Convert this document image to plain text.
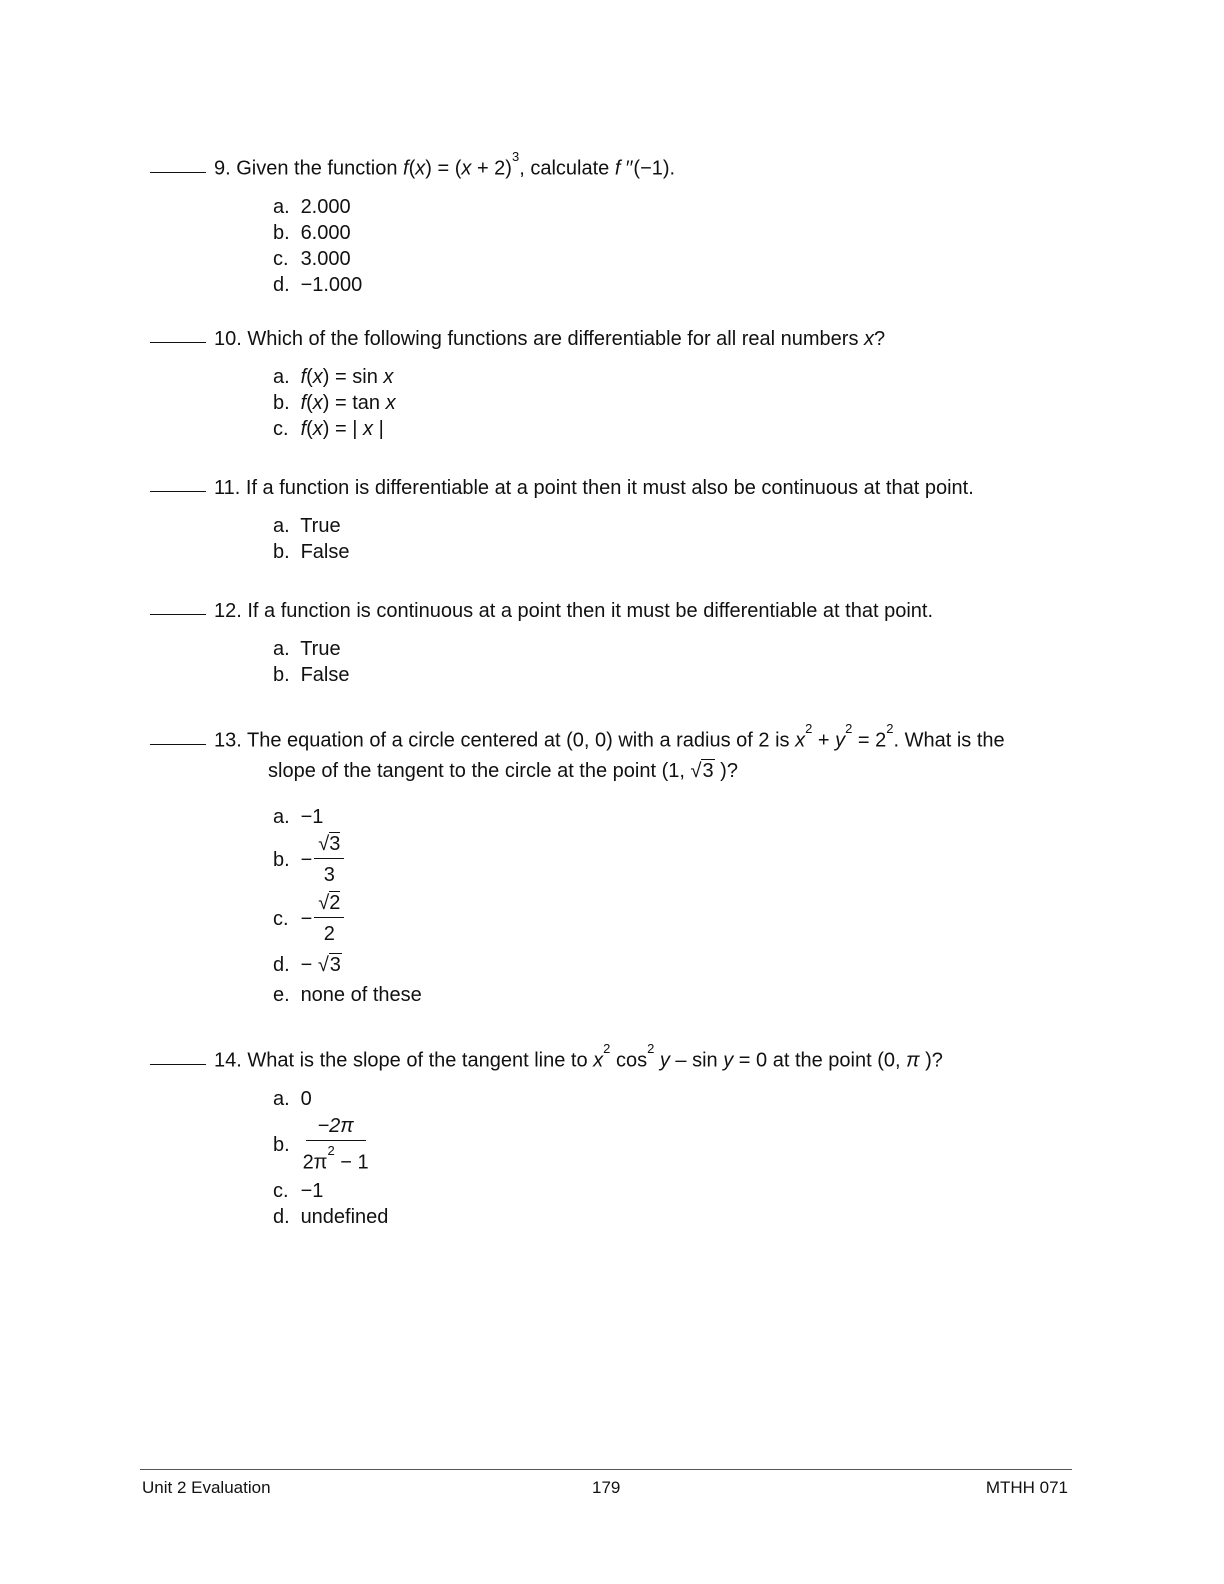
9. Given the function $f(x) = (x + 2)^3$, calculate f ′′(−1).
a. 2.000
b. 6.000
c. 3.000
d. −1.000
10. Which of the following functions are differentiable for all real numbers x?
a. f(x) = sin x
b. f(x) = tan x
c. f(x) = | x |
11. If a function is differentiable at a point then it must also be continuous at that point.
a. True
b. False
12. If a function is continuous at a point then it must be differentiable at that point.
a. True
b. False
13. The equation of a circle centered at (0, 0) with a radius of 2 is $x^2 + y^2 = 2^2$. What is the
slope of the tangent to the circle at the point (1, √3 )?
a. −1
b.
− $\frac{√3}{3}$
c.
− $\frac{√2}{2}$
d. − √3
e. none of these
14. What is the slope of the tangent line to $x^2$ $\cos^2 y - \sin y = 0$ at the point (0, π )?
a. 0
b.
$\frac{-2\pi}{2\pi^2 - 1}$
c. −1
d. undefined
Unit 2 Evaluation	179	MTHH 071
